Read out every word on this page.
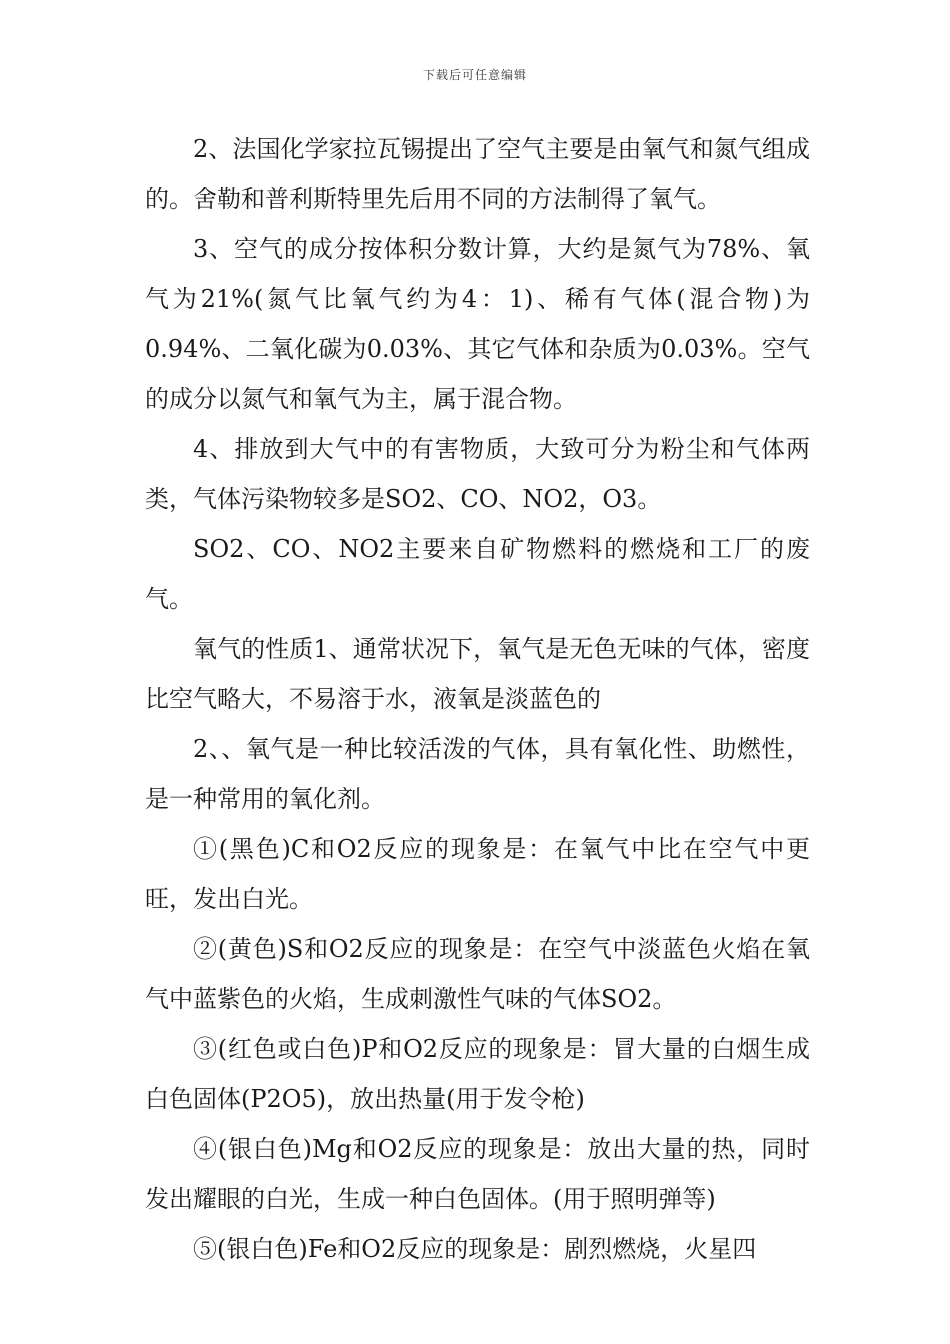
下载后可任意编辑

2、法国化学家拉瓦锡提出了空气主要是由氧气和氮气组成的。舍勒和普利斯特里先后用不同的方法制得了氧气。

3、空气的成分按体积分数计算，大约是氮气为78%、氧气为21%(氮气比氧气约为4：1)、稀有气体(混合物)为0.94%、二氧化碳为0.03%、其它气体和杂质为0.03%。空气的成分以氮气和氧气为主，属于混合物。

4、排放到大气中的有害物质，大致可分为粉尘和气体两类，气体污染物较多是SO2、CO、NO2，O3。

SO2、CO、NO2主要来自矿物燃料的燃烧和工厂的废气。

氧气的性质1、通常状况下，氧气是无色无味的气体，密度比空气略大，不易溶于水，液氧是淡蓝色的

2、、氧气是一种比较活泼的气体，具有氧化性、助燃性，是一种常用的氧化剂。

①(黑色)C和O2反应的现象是：在氧气中比在空气中更旺，发出白光。

②(黄色)S和O2反应的现象是：在空气中淡蓝色火焰在氧气中蓝紫色的火焰，生成刺激性气味的气体SO2。

③(红色或白色)P和O2反应的现象是：冒大量的白烟生成白色固体(P2O5)，放出热量(用于发令枪)

④(银白色)Mg和O2反应的现象是：放出大量的热，同时发出耀眼的白光，生成一种白色固体。(用于照明弹等)

⑤(银白色)Fe和O2反应的现象是：剧烈燃烧，火星四
